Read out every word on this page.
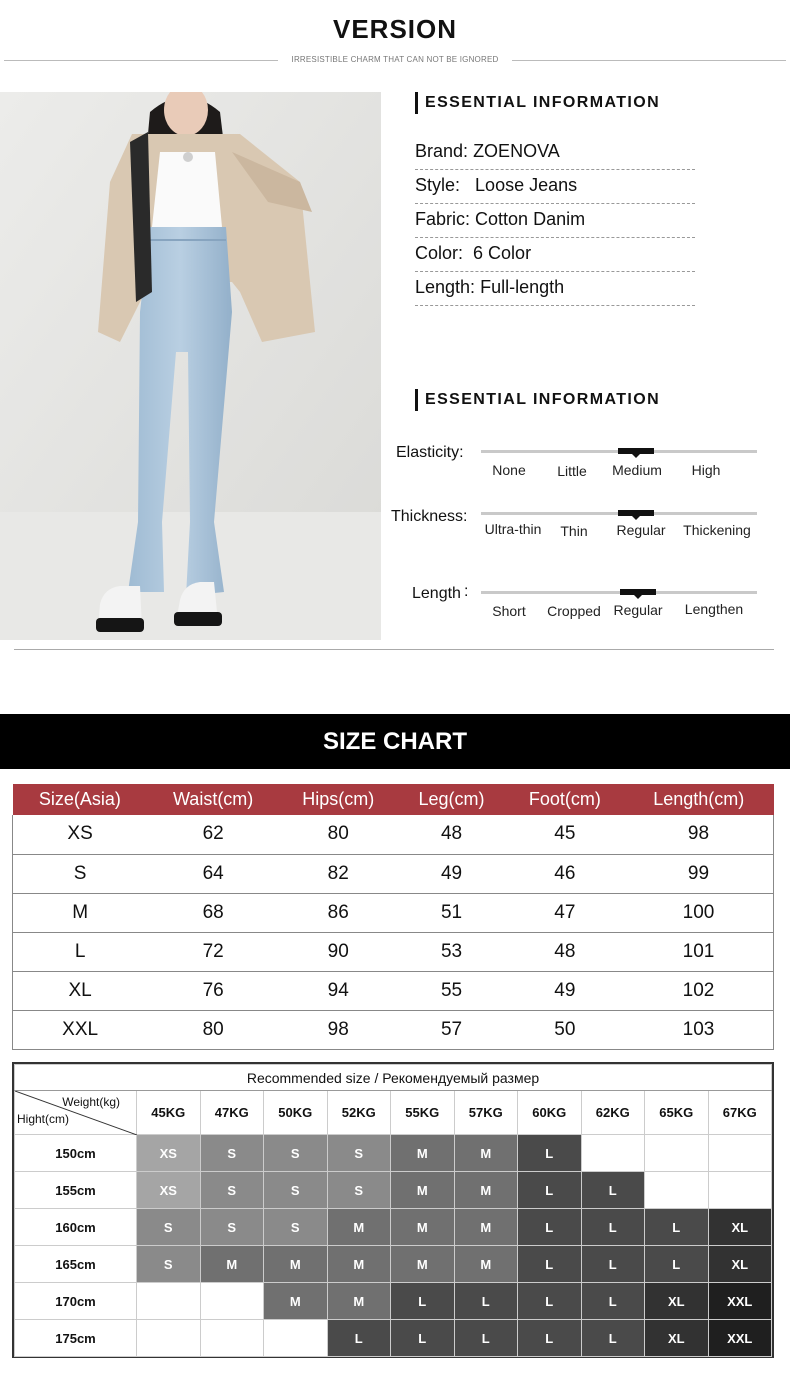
VERSION
IRRESISTIBLE CHARM THAT CAN NOT BE IGNORED
ESSENTIAL INFORMATION
Brand: ZOENOVA
Style: Loose Jeans
Fabric: Cotton Danim
Color: 6 Color
Length: Full-length
ESSENTIAL INFORMATION
Elasticity:
None	Little	Medium	High
Thickness:
Ultra-thin	Thin	Regular	Thickening
Length :
Short	Cropped Regular	Lengthen
SIZE CHART
Size(Asia)	Waist(cm)	Hips(cm)	Leg(cm)	Foot(cm)	Length(cm)
XS	62	80	48	45	98
S	64	82	49	46	99
M	68	86	51	47	100
L	72	90	53	48	101
XL	76	94	55	49	102
XXL	80	98	57	50	103
Recommended size / Рекомендуемый размер										

Weight(kg)
Hight(cm)	45KG	47KG	50KG	52KG	55KG	57KG	60KG	62KG	65KG	67KG
150cm	XS	S	S	S	M	M	L			
155cm	XS	S	S	S	M	M	L	L		
160cm	S	S	S	M	M	M	L	L	L	XL
165cm	S	M	M	M	M	M	L	L	L	XL
170cm			M	M	L	L	L	L	XL	XXL
175cm				L	L	L	L	L	XL	XXL
